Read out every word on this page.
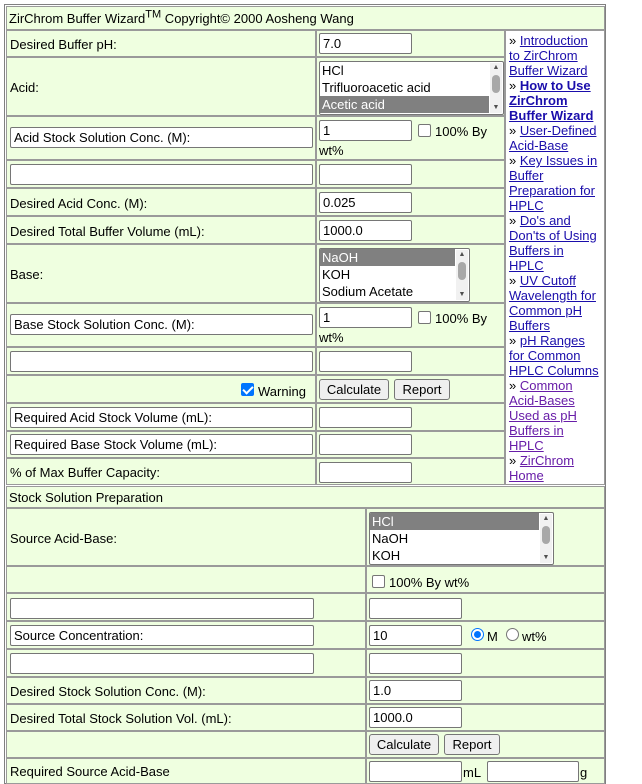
ZirChrom Buffer Wizard™ Copyright© 2000 Aosheng Wang
Desired Buffer pH:	7.0
Acid:
HCl
Trifluoroacetic acid
Acetic acid
▲
▼
Acid Stock Solution Conc. (M):	1	100% By
wt%
Desired Acid Conc. (M):	0.025
Desired Total Buffer Volume (mL):	1000.0
Base:
NaOH
KOH
Sodium Acetate
▲
▼
Base Stock Solution Conc. (M):	1	100% By
wt%
Warning	Calculate	Report
Required Acid Stock Volume (mL):
Required Base Stock Volume (mL):
% of Max Buffer Capacity:
» Introduction
to ZirChrom
Buffer Wizard
» How to Use
ZirChrom
Buffer Wizard
» User-Defined
Acid-Base
» Key Issues in
Buffer
Preparation for
HPLC
» Do's and
Don'ts of Using
Buffers in
HPLC
» UV Cutoff
Wavelength for
Common pH
Buffers
» pH Ranges
for Common
HPLC Columns
» Common
Acid-Bases
Used as pH
Buffers in
HPLC
» ZirChrom
Home
Stock Solution Preparation
Source Acid-Base:
HCl
NaOH
KOH
▲
▼
100% By wt%
Source Concentration:	10	M wt%
Desired Stock Solution Conc. (M):	1.0
Desired Total Stock Solution Vol. (mL):	1000.0
Calculate	Report
Required Source Acid-Base	mL	g
